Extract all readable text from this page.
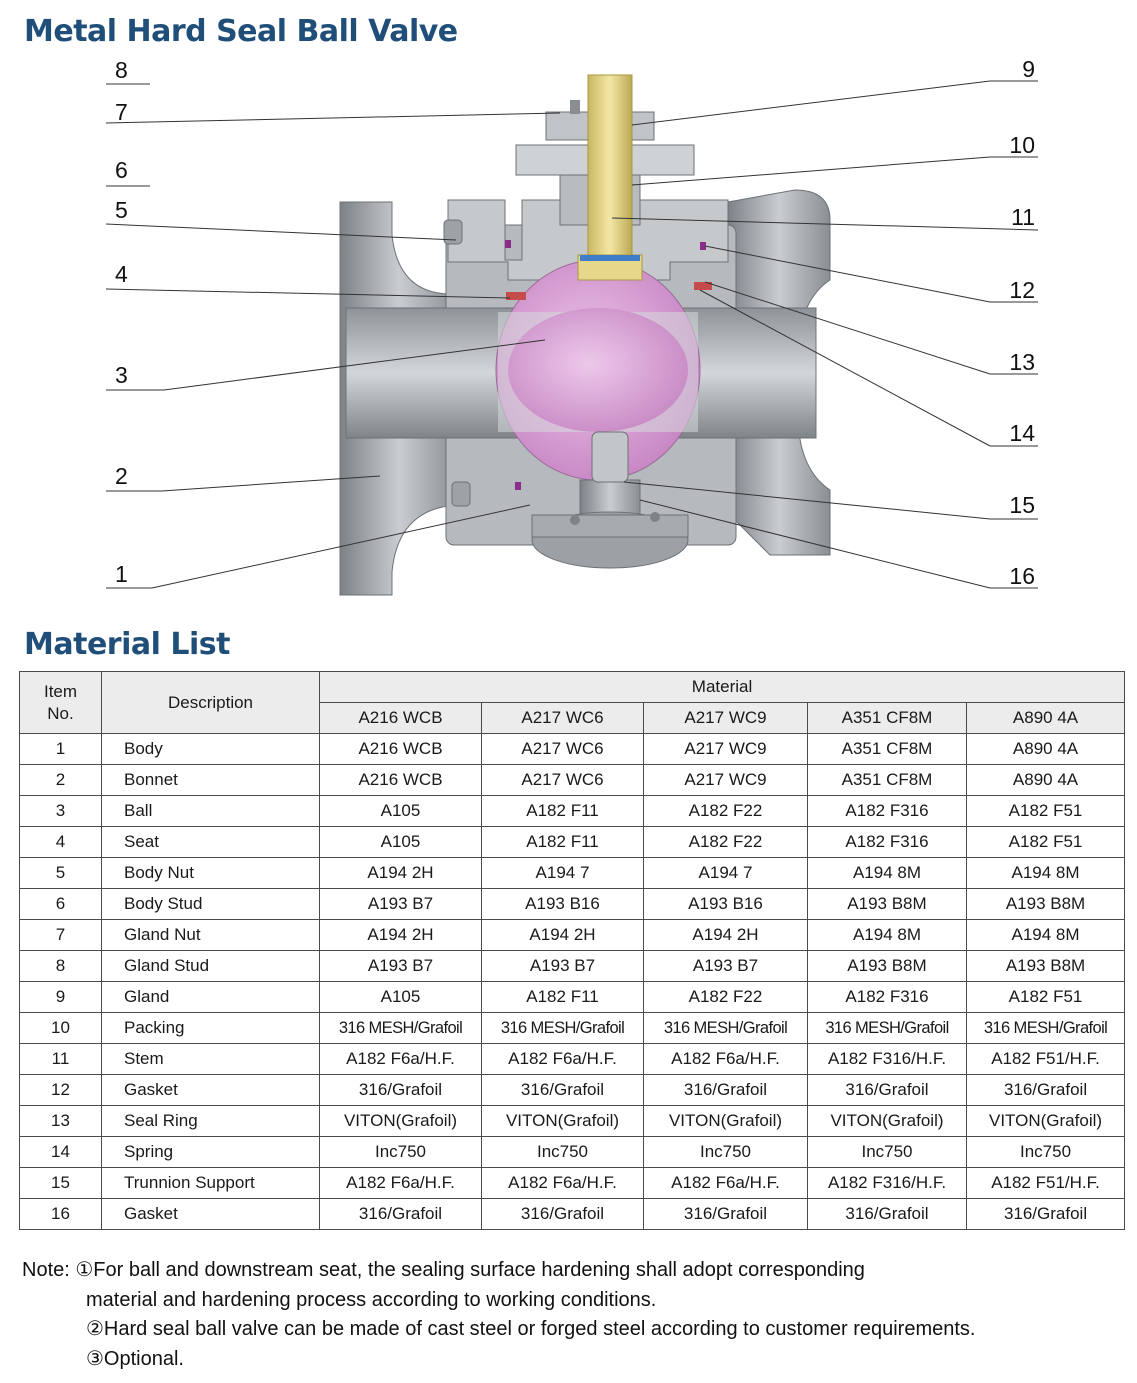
Metal Hard Seal Ball Valve
8
7
6
5
4
3
2
1
9
10
11
12
13
14
15
16
Material List
Item
No.	Description	Material				
		A216 WCB	A217 WC6	A217 WC9	A351 CF8M	A890 4A
1	Body	A216 WCB	A217 WC6	A217 WC9	A351 CF8M	A890 4A
2	Bonnet	A216 WCB	A217 WC6	A217 WC9	A351 CF8M	A890 4A
3	Ball	A105	A182 F11	A182 F22	A182 F316	A182 F51
4	Seat	A105	A182 F11	A182 F22	A182 F316	A182 F51
5	Body Nut	A194 2H	A194 7	A194 7	A194 8M	A194 8M
6	Body Stud	A193 B7	A193 B16	A193 B16	A193 B8M	A193 B8M
7	Gland Nut	A194 2H	A194 2H	A194 2H	A194 8M	A194 8M
8	Gland Stud	A193 B7	A193 B7	A193 B7	A193 B8M	A193 B8M
9	Gland	A105	A182 F11	A182 F22	A182 F316	A182 F51
10	Packing	316 MESH/Grafoil	316 MESH/Grafoil	316 MESH/Grafoil	316 MESH/Grafoil	316 MESH/Grafoil
11	Stem	A182 F6a/H.F.	A182 F6a/H.F.	A182 F6a/H.F.	A182 F316/H.F.	A182 F51/H.F.
12	Gasket	316/Grafoil	316/Grafoil	316/Grafoil	316/Grafoil	316/Grafoil
13	Seal Ring	VITON(Grafoil)	VITON(Grafoil)	VITON(Grafoil)	VITON(Grafoil)	VITON(Grafoil)
14	Spring	Inc750	Inc750	Inc750	Inc750	Inc750
15	Trunnion Support	A182 F6a/H.F.	A182 F6a/H.F.	A182 F6a/H.F.	A182 F316/H.F.	A182 F51/H.F.
16	Gasket	316/Grafoil	316/Grafoil	316/Grafoil	316/Grafoil	316/Grafoil
Note: ①For ball and downstream seat, the sealing surface hardening shall adopt corresponding
material and hardening process according to working conditions.
②Hard seal ball valve can be made of cast steel or forged steel according to customer requirements.
③Optional.
